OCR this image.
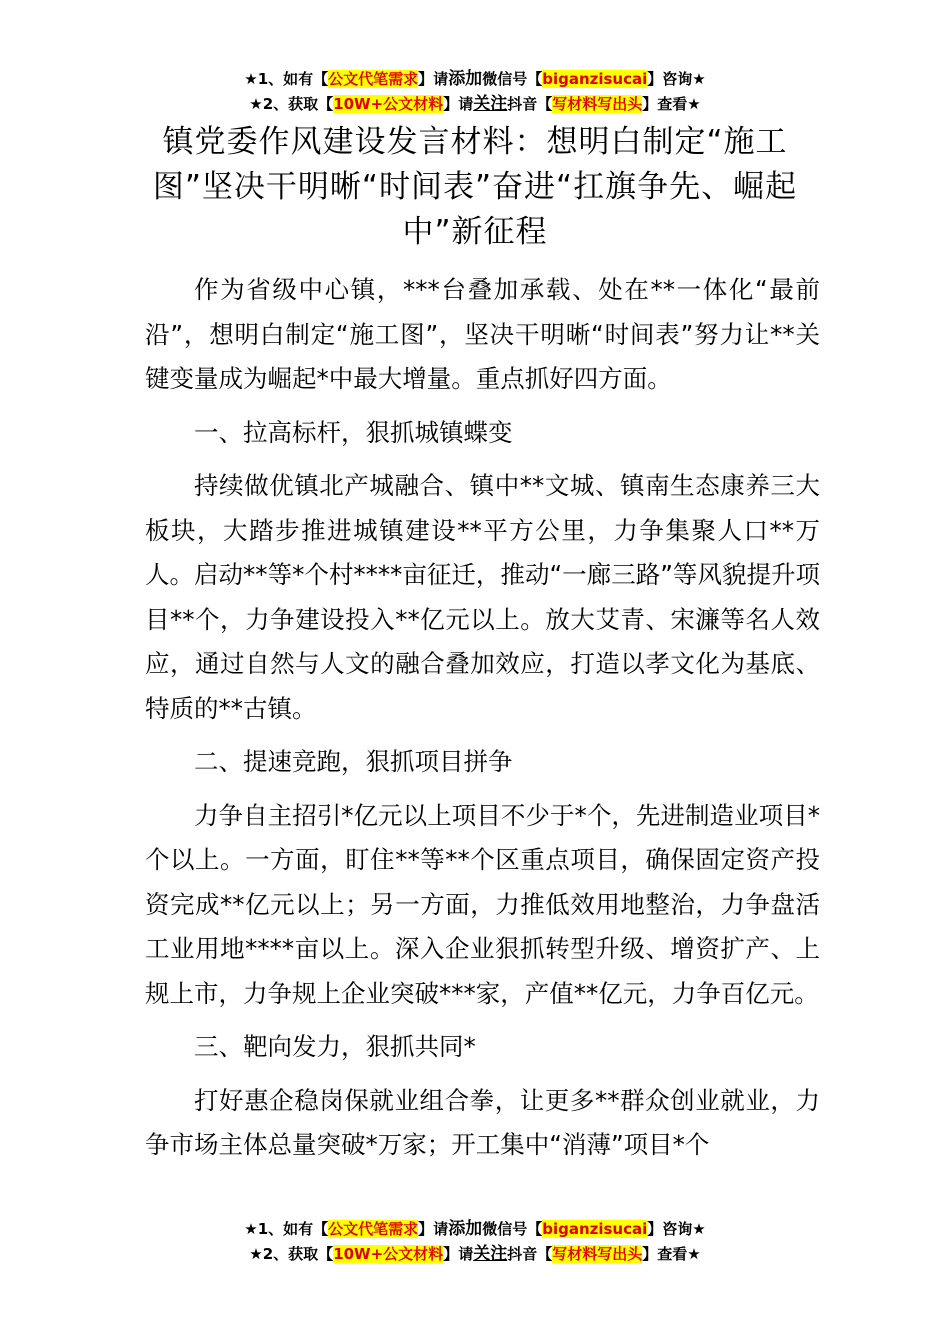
★1、如有【公文代笔需求】请添加微信号【biganzisucai】咨询★
★2、获取【10W+公文材料】请关注抖音【写材料写出头】查看★
镇党委作风建设发言材料：想明白制定“施工图”坚决干明晰“时间表”奋进“扛旗争先、崛起中”新征程

作为省级中心镇，***台叠加承载、处在**一体化“最前沿”，想明白制定“施工图”，坚决干明晰“时间表”努力让**关键变量成为崛起*中最大增量。重点抓好四方面。

一、拉高标杆，狠抓城镇蝶变

持续做优镇北产城融合、镇中**文城、镇南生态康养三大板块，大踏步推进城镇建设**平方公里，力争集聚人口**万人。启动**等*个村****亩征迁，推动“一廊三路”等风貌提升项目**个，力争建设投入**亿元以上。放大艾青、宋濂等名人效应，通过自然与人文的融合叠加效应，打造以孝文化为基底、特质的**古镇。

二、提速竞跑，狠抓项目拼争

力争自主招引*亿元以上项目不少于*个，先进制造业项目*个以上。一方面，盯住**等**个区重点项目，确保固定资产投资完成**亿元以上；另一方面，力推低效用地整治，力争盘活工业用地****亩以上。深入企业狠抓转型升级、增资扩产、上规上市，力争规上企业突破***家，产值**亿元，力争百亿元。

三、靶向发力，狠抓共同*

打好惠企稳岗保就业组合拳，让更多**群众创业就业，力争市场主体总量突破*万家；开工集中“消薄”项目*个

★1、如有【公文代笔需求】请添加微信号【biganzisucai】咨询★
★2、获取【10W+公文材料】请关注抖音【写材料写出头】查看★
